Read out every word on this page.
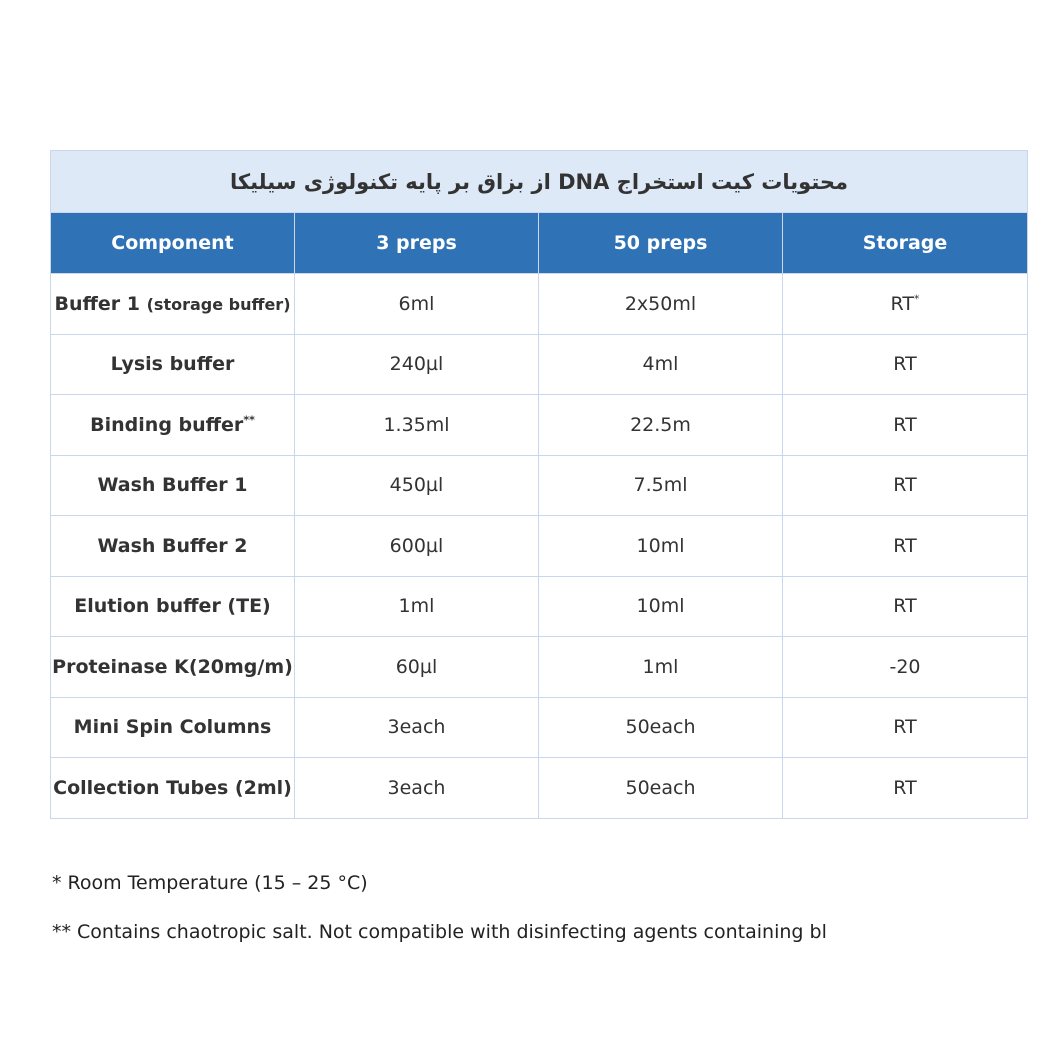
محتویات کیت استخراج DNA از بزاق بر پایه تکنولوژی سیلیکا			
Component	3 preps	50 preps	Storage
Buffer 1 (storage buffer)	6ml	2x50ml	RT*
Lysis buffer	240µl	4ml	RT
Binding buffer**	1.35ml	22.5m	RT
Wash Buffer 1	450µl	7.5ml	RT
Wash Buffer 2	600µl	10ml	RT
Elution buffer (TE)	1ml	10ml	RT
Proteinase K(20mg/m)	60µl	1ml	-20
Mini Spin Columns	3each	50each	RT
Collection Tubes (2ml)	3each	50each	RT
* Room Temperature (15 – 25 °C)
** Contains chaotropic salt. Not compatible with disinfecting agents containing bl
